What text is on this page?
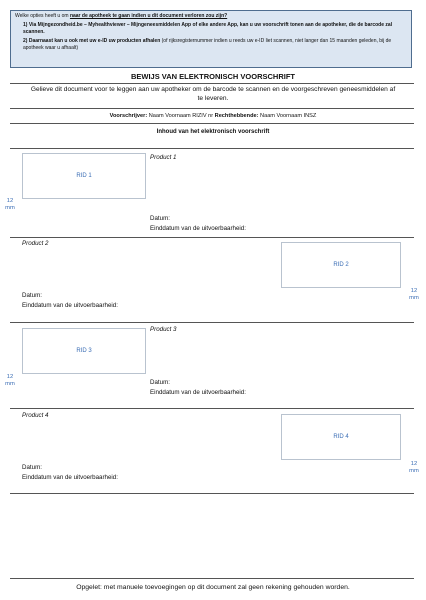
Welke opties heeft u om naar de apotheek te gaan indien u dit document verloren zou zijn?
1) Via Mijngezondheid.be – Myhealthviewer – Mijngeneesmiddelen App of elke andere App, kan u uw voorschrift tonen aan de apotheker, die de barcode zal scannen.
2) Daarnaast kan u ook met uw e-ID uw producten afhalen (of rijksregisternummer indien u reeds uw e-ID liet scannen, niet langer dan 15 maanden geleden, bij de apotheek waar u afhaalt)
BEWIJS VAN ELEKTRONISCH VOORSCHRIFT
Gelieve dit document voor te leggen aan uw apotheker om de barcode te scannen en de voorgeschreven geneesmiddelen af te leveren.
Voorschrijver: Naam Voornaam RIZIV nr Rechthebbende: Naam Voornaam INSZ
Inhoud van het elektronisch voorschrift
RID 1
Product 1
Datum:
Einddatum van de uitvoerbaarheid:
12
mm
Product 2
RID 2
Datum:
Einddatum van de uitvoerbaarheid:
12
mm
RID 3
Product 3
Datum:
Einddatum van de uitvoerbaarheid:
12
mm
Product 4
RID 4
Datum:
Einddatum van de uitvoerbaarheid:
12
mm
Opgelet: met manuele toevoegingen op dit document zal geen rekening gehouden worden.
